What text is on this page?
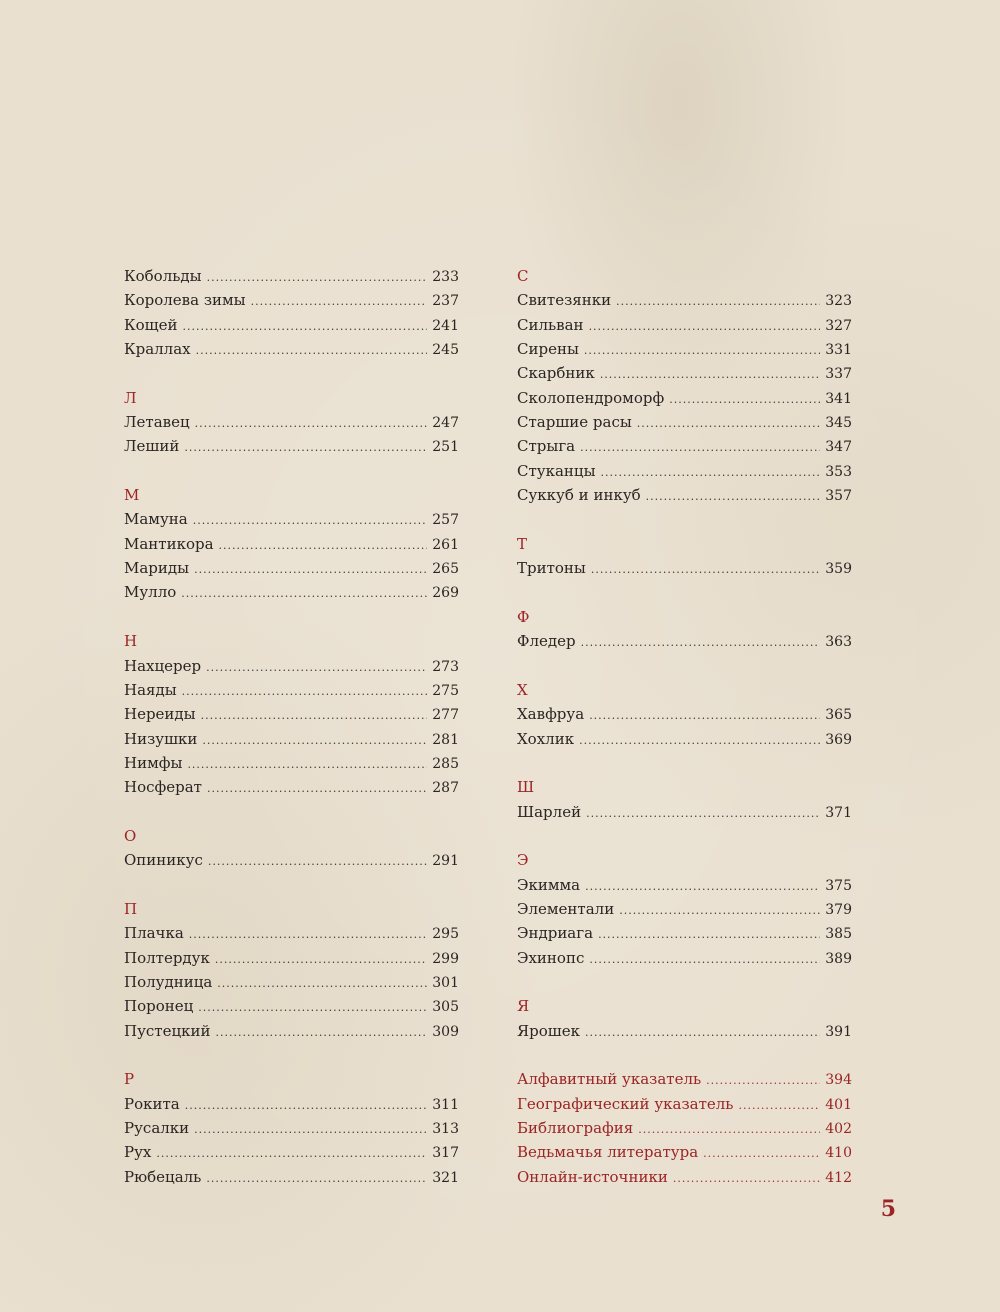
Кобольды .....	233
Королева зимы .....	237
Кощей .....	241
Краллах .....	245
Л
Летавец .....	247
Леший .....	251
М
Мамуна .....	257
Мантикора .....	261
Мариды .....	265
Мулло .....	269
Н
Нахцерер .....	273
Наяды .....	275
Нереиды .....	277
Низушки .....	281
Нимфы .....	285
Носферат .....	287
О
Опиникус .....	291
П
Плачка .....	295
Полтердук .....	299
Полудница .....	301
Поронец .....	305
Пустецкий .....	309
Р
Рокита .....	311
Русалки .....	313
Рух .....	317
Рюбецаль .....	321
С
Свитезянки .....	323
Сильван .....	327
Сирены .....	331
Скарбник .....	337
Сколопендроморф .....	341
Старшие расы .....	345
Стрыга .....	347
Стуканцы .....	353
Суккуб и инкуб .....	357
Т
Тритоны .....	359
Ф
Фледер .....	363
Х
Хавфруа .....	365
Хохлик .....	369
Ш
Шарлей .....	371
Э
Экимма .....	375
Элементали .....	379
Эндриага .....	385
Эхинопс .....	389
Я
Ярошек .....	391
Алфавитный указатель .....	394
Географический указатель .....	401
Библиография .....	402
Ведьмачья литература .....	410
Онлайн-источники .....	412
5
